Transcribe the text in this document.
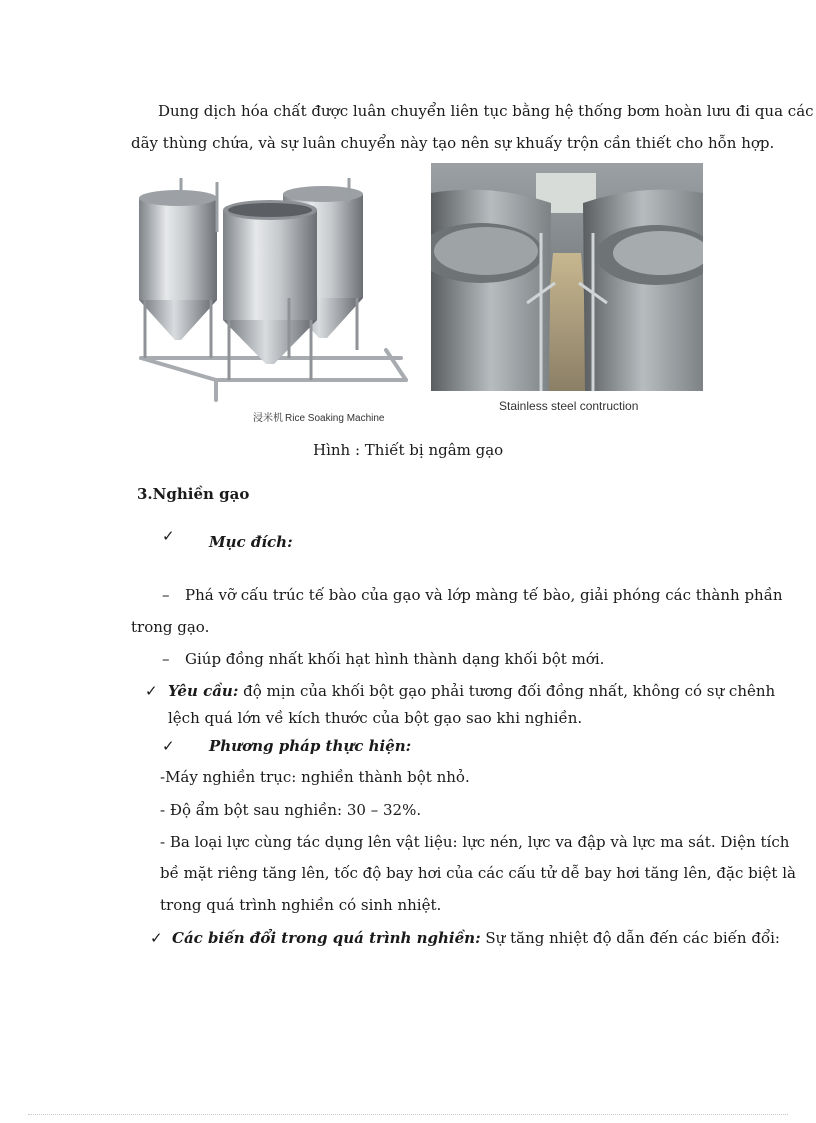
Dung dịch hóa chất được luân chuyển liên tục bằng hệ thống bơm hoàn lưu đi qua các

dãy thùng chứa, và sự luân chuyển này tạo nên sự khuấy trộn cần thiết cho hỗn hợp.

浸米机 Rice Soaking Machine
Stainless steel contruction

Hình : Thiết bị ngâm gạo

3.Nghiền gạo

✓ Mục đích:

– Phá vỡ cấu trúc tế bào của gạo và lớp màng tế bào, giải phóng các thành phần

trong gạo.

– Giúp đồng nhất khối hạt hình thành dạng khối bột mới.

✓ Yêu cầu: độ mịn của khối bột gạo phải tương đối đồng nhất, không có sự chênh

lệch quá lớn về kích thước của bột gạo sao khi nghiền.

✓ Phương pháp thực hiện:

-Máy nghiền trục: nghiền thành bột nhỏ.

- Độ ẩm bột sau nghiền: 30 – 32%.

- Ba loại lực cùng tác dụng lên vật liệu: lực nén, lực va đập và lực ma sát. Diện tích

bề mặt riêng tăng lên, tốc độ bay hơi của các cấu tử dễ bay hơi tăng lên, đặc biệt là

trong quá trình nghiền có sinh nhiệt.

✓ Các biến đổi trong quá trình nghiền: Sự tăng nhiệt độ dẫn đến các biến đổi:
